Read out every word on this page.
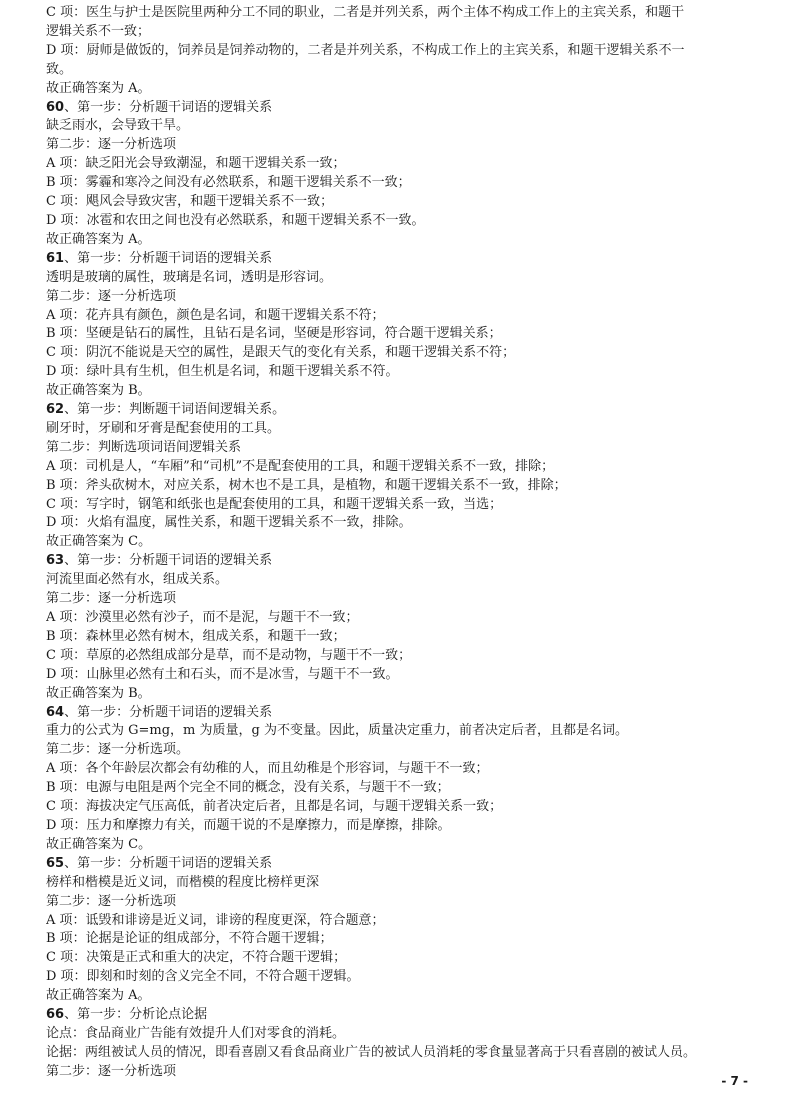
C 项：医生与护士是医院里两种分工不同的职业，二者是并列关系，两个主体不构成工作上的主宾关系，和题干
逻辑关系不一致；
D 项：厨师是做饭的，饲养员是饲养动物的，二者是并列关系，不构成工作上的主宾关系，和题干逻辑关系不一
致。
故正确答案为 A。
60、第一步：分析题干词语的逻辑关系
缺乏雨水，会导致干旱。
第二步：逐一分析选项
A 项：缺乏阳光会导致潮湿，和题干逻辑关系一致；
B 项：雾霾和寒冷之间没有必然联系，和题干逻辑关系不一致；
C 项：飓风会导致灾害，和题干逻辑关系不一致；
D 项：冰雹和农田之间也没有必然联系，和题干逻辑关系不一致。
故正确答案为 A。
61、第一步：分析题干词语的逻辑关系
透明是玻璃的属性，玻璃是名词，透明是形容词。
第二步：逐一分析选项
A 项：花卉具有颜色，颜色是名词，和题干逻辑关系不符；
B 项：坚硬是钻石的属性，且钻石是名词，坚硬是形容词，符合题干逻辑关系；
C 项：阴沉不能说是天空的属性，是跟天气的变化有关系，和题干逻辑关系不符；
D 项：绿叶具有生机，但生机是名词，和题干逻辑关系不符。
故正确答案为 B。
62、第一步：判断题干词语间逻辑关系。
刷牙时，牙刷和牙膏是配套使用的工具。
第二步：判断选项词语间逻辑关系
A 项：司机是人，“车厢”和“司机”不是配套使用的工具，和题干逻辑关系不一致，排除；
B 项：斧头砍树木，对应关系，树木也不是工具，是植物，和题干逻辑关系不一致，排除；
C 项：写字时，钢笔和纸张也是配套使用的工具，和题干逻辑关系一致，当选；
D 项：火焰有温度，属性关系，和题干逻辑关系不一致，排除。
故正确答案为 C。
63、第一步：分析题干词语的逻辑关系
河流里面必然有水，组成关系。
第二步：逐一分析选项
A 项：沙漠里必然有沙子，而不是泥，与题干不一致；
B 项：森林里必然有树木，组成关系，和题干一致；
C 项：草原的必然组成部分是草，而不是动物，与题干不一致；
D 项：山脉里必然有土和石头，而不是冰雪，与题干不一致。
故正确答案为 B。
64、第一步：分析题干词语的逻辑关系
重力的公式为 G=mg，m 为质量，g 为不变量。因此，质量决定重力，前者决定后者，且都是名词。
第二步：逐一分析选项。
A 项：各个年龄层次都会有幼稚的人，而且幼稚是个形容词，与题干不一致；
B 项：电源与电阻是两个完全不同的概念，没有关系，与题干不一致；
C 项：海拔决定气压高低，前者决定后者，且都是名词，与题干逻辑关系一致；
D 项：压力和摩擦力有关，而题干说的不是摩擦力，而是摩擦，排除。
故正确答案为 C。
65、第一步：分析题干词语的逻辑关系
榜样和楷模是近义词，而楷模的程度比榜样更深
第二步：逐一分析选项
A 项：诋毁和诽谤是近义词，诽谤的程度更深，符合题意；
B 项：论据是论证的组成部分，不符合题干逻辑；
C 项：决策是正式和重大的决定，不符合题干逻辑；
D 项：即刻和时刻的含义完全不同，不符合题干逻辑。
故正确答案为 A。
66、第一步：分析论点论据
论点：食品商业广告能有效提升人们对零食的消耗。
论据：两组被试人员的情况，即看喜剧又看食品商业广告的被试人员消耗的零食量显著高于只看喜剧的被试人员。
第二步：逐一分析选项
- 7 -
